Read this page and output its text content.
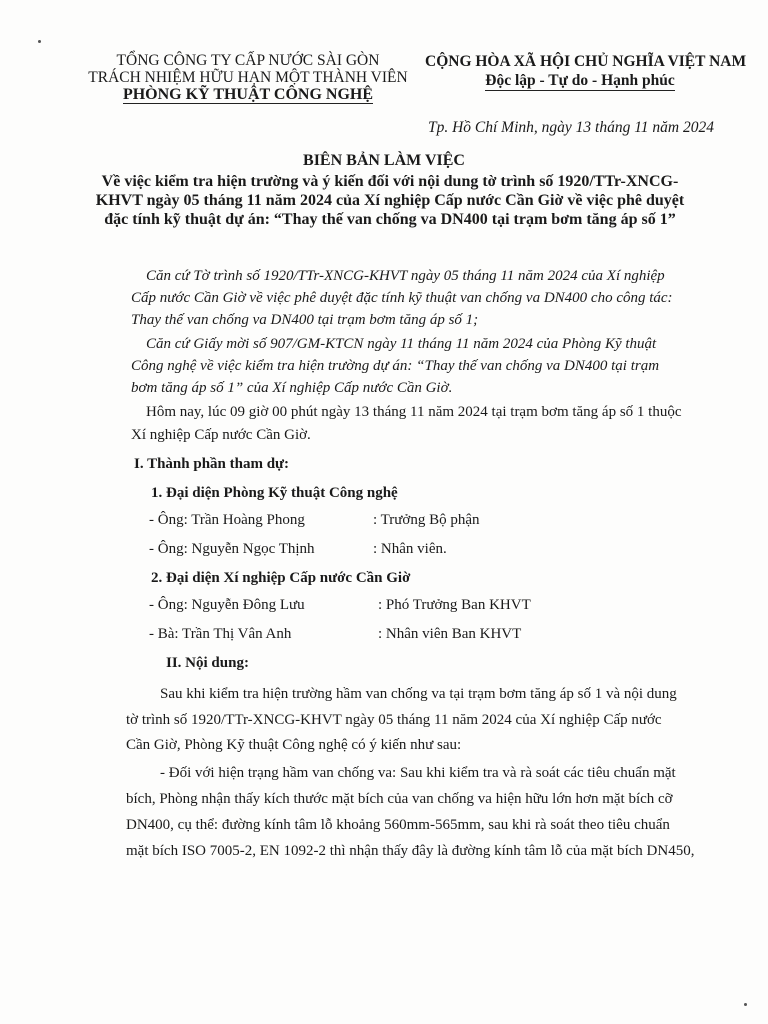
TỔNG CÔNG TY CẤP NƯỚC SÀI GÒN
TRÁCH NHIỆM HỮU HẠN MỘT THÀNH VIÊN
PHÒNG KỸ THUẬT CÔNG NGHỆ
CỘNG HÒA XÃ HỘI CHỦ NGHĨA VIỆT NAM
Độc lập - Tự do - Hạnh phúc
Tp. Hồ Chí Minh, ngày 13 tháng 11 năm 2024
BIÊN BẢN LÀM VIỆC
Về việc kiểm tra hiện trường và ý kiến đối với nội dung tờ trình số 1920/TTr-XNCG-KHVT ngày 05 tháng 11 năm 2024 của Xí nghiệp Cấp nước Cần Giờ về việc phê duyệt đặc tính kỹ thuật dự án: “Thay thế van chống va DN400 tại trạm bơm tăng áp số 1”
Căn cứ Tờ trình số 1920/TTr-XNCG-KHVT ngày 05 tháng 11 năm 2024 của Xí nghiệp
Cấp nước Cần Giờ về việc phê duyệt đặc tính kỹ thuật van chống va DN400 cho công tác:
Thay thế van chống va DN400 tại trạm bơm tăng áp số 1;
Căn cứ Giấy mời số 907/GM-KTCN ngày 11 tháng 11 năm 2024 của Phòng Kỹ thuật
Công nghệ về việc kiểm tra hiện trường dự án: “Thay thế van chống va DN400 tại trạm
bơm tăng áp số 1” của Xí nghiệp Cấp nước Cần Giờ.
Hôm nay, lúc 09 giờ 00 phút ngày 13 tháng 11 năm 2024 tại trạm bơm tăng áp số 1 thuộc
Xí nghiệp Cấp nước Cần Giờ.
I. Thành phần tham dự:
1. Đại diện Phòng Kỹ thuật Công nghệ
- Ông: Trần Hoàng Phong	: Trưởng Bộ phận
- Ông: Nguyễn Ngọc Thịnh	: Nhân viên.
2. Đại diện Xí nghiệp Cấp nước Cần Giờ
- Ông: Nguyễn Đông Lưu	: Phó Trưởng Ban KHVT
- Bà: Trần Thị Vân Anh	: Nhân viên Ban KHVT
II. Nội dung:
Sau khi kiểm tra hiện trường hầm van chống va tại trạm bơm tăng áp số 1 và nội dung
tờ trình số 1920/TTr-XNCG-KHVT ngày 05 tháng 11 năm 2024 của Xí nghiệp Cấp nước
Cần Giờ, Phòng Kỹ thuật Công nghệ có ý kiến như sau:
- Đối với hiện trạng hầm van chống va: Sau khi kiểm tra và rà soát các tiêu chuẩn mặt
bích, Phòng nhận thấy kích thước mặt bích của van chống va hiện hữu lớn hơn mặt bích cỡ
DN400, cụ thể: đường kính tâm lỗ khoảng 560mm-565mm, sau khi rà soát theo tiêu chuẩn
mặt bích ISO 7005-2, EN 1092-2 thì nhận thấy đây là đường kính tâm lỗ của mặt bích DN450,
